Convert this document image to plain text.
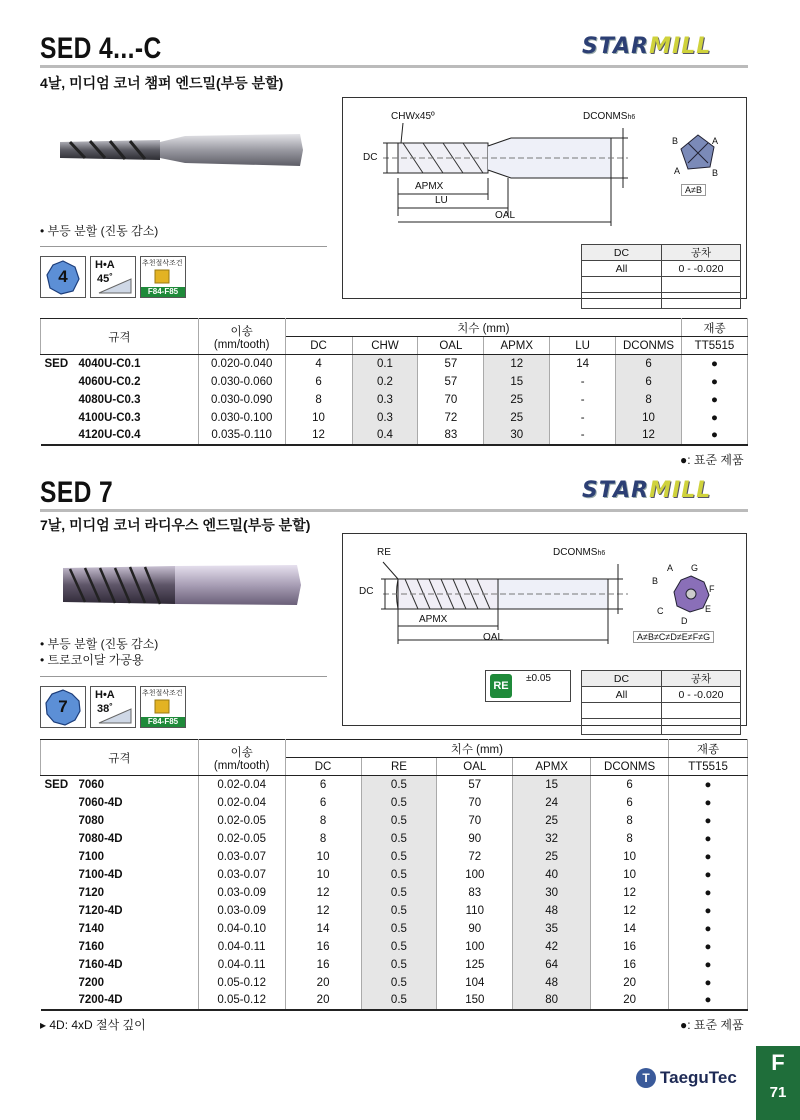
SED 4...-C	STARMILL
4날, 미디엄 코너 챔퍼 엔드밀(부등 분할)
• 부등 분할 (진동 감소)
4
H•A
45˚
추천절삭조건
F84-F85
CHWx45º	DCONMSh6
DC
APMX
LU
OAL
B	A
A	B
A≠B
DC	공차
All	0 - -0.020

규격	이송
(mm/tooth)	치수 (mm)						재종
		DC	CHW	OAL	APMX	LU	DCONMS	TT5515
SED 4040U-C0.1	0.020-0.040	4	0.1	57	12	14	6	●
4060U-C0.2	0.030-0.060	6	0.2	57	15	-	6	●
4080U-C0.3	0.030-0.090	8	0.3	70	25	-	8	●
4100U-C0.3	0.030-0.100	10	0.3	72	25	-	10	●
4120U-C0.4	0.035-0.110	12	0.4	83	30	-	12	●
●: 표준 제품
SED 7	STARMILL
7날, 미디엄 코너 라디우스 엔드밀(부등 분할)
• 부등 분할 (진동 감소)
• 트로코이달 가공용
7
H•A
38˚
추천절삭조건
F84-F85
RE	DCONMSh6
DC
APMX
OAL
A G
B
F
C	E
D
A≠B≠C≠D≠E≠F≠G
RE
±0.05	DC	공차
All	0 - -0.020

규격	이송
(mm/tooth)	치수 (mm)					재종
		DC	RE	OAL	APMX	DCONMS	TT5515
SED 7060	0.02-0.04	6	0.5	57	15	6	●
7060-4D	0.02-0.04	6	0.5	70	24	6	●
7080	0.02-0.05	8	0.5	70	25	8	●
7080-4D	0.02-0.05	8	0.5	90	32	8	●
7100	0.03-0.07	10	0.5	72	25	10	●
7100-4D	0.03-0.07	10	0.5	100	40	10	●
7120	0.03-0.09	12	0.5	83	30	12	●
7120-4D	0.03-0.09	12	0.5	110	48	12	●
7140	0.04-0.10	14	0.5	90	35	14	●
7160	0.04-0.11	16	0.5	100	42	16	●
7160-4D	0.04-0.11	16	0.5	125	64	16	●
7200	0.05-0.12	20	0.5	104	48	20	●
7200-4D	0.05-0.12	20	0.5	150	80	20	●
▸ 4D: 4xD 절삭 깊이	●: 표준 제품
T TaeguTec
F
71
